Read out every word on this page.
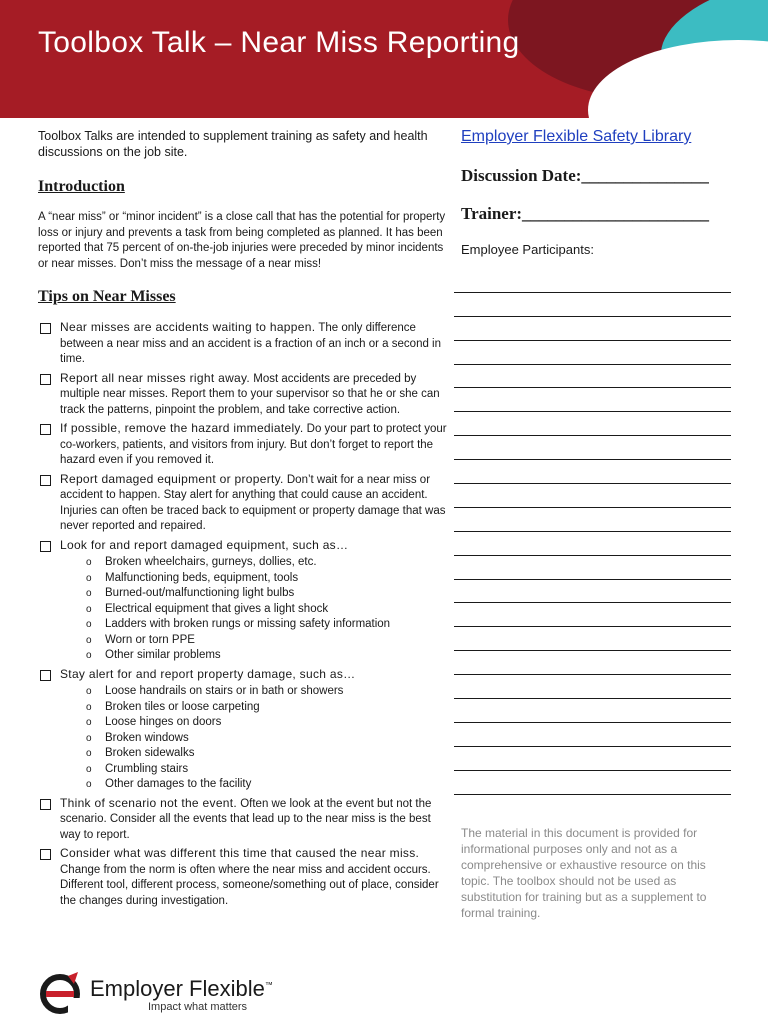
Toolbox Talk – Near Miss Reporting

Toolbox Talks are intended to supplement training as safety and health discussions on the job site.

Introduction

A “near miss” or “minor incident” is a close call that has the potential for property loss or injury and prevents a task from being completed as planned. It has been reported that 75 percent of on-the-job injuries were preceded by minor incidents or near misses. Don’t miss the message of a near miss!

Tips on Near Misses
Near misses are accidents waiting to happen. The only difference between a near miss and an accident is a fraction of an inch or a second in time.
Report all near misses right away. Most accidents are preceded by multiple near misses. Report them to your supervisor so that he or she can track the patterns, pinpoint the problem, and take corrective action.
If possible, remove the hazard immediately. Do your part to protect your co-workers, patients, and visitors from injury. But don’t forget to report the hazard even if you removed it.
Report damaged equipment or property. Don’t wait for a near miss or accident to happen. Stay alert for anything that could cause an accident. Injuries can often be traced back to equipment or property damage that was never reported and repaired.
Look for and report damaged equipment, such as…
o Broken wheelchairs, gurneys, dollies, etc.
o Malfunctioning beds, equipment, tools
o Burned-out/malfunctioning light bulbs
o Electrical equipment that gives a light shock
o Ladders with broken rungs or missing safety information
o Worn or torn PPE
o Other similar problems
Stay alert for and report property damage, such as…
o Loose handrails on stairs or in bath or showers
o Broken tiles or loose carpeting
o Loose hinges on doors
o Broken windows
o Broken sidewalks
o Crumbling stairs
o Other damages to the facility
Think of scenario not the event. Often we look at the event but not the scenario. Consider all the events that lead up to the near miss is the best way to report.
Consider what was different this time that caused the near miss. Change from the norm is often where the near miss and accident occurs. Different tool, different process, someone/something out of place, consider the changes during investigation.
Employer Flexible Safety Library
Discussion Date:_______________
Trainer:______________________
Employee Participants:

The material in this document is provided for informational purposes only and not as a comprehensive or exhaustive resource on this topic. The toolbox should not be used as substitution for training but as a supplement to formal training.

Employer Flexible™
Impact what matters
